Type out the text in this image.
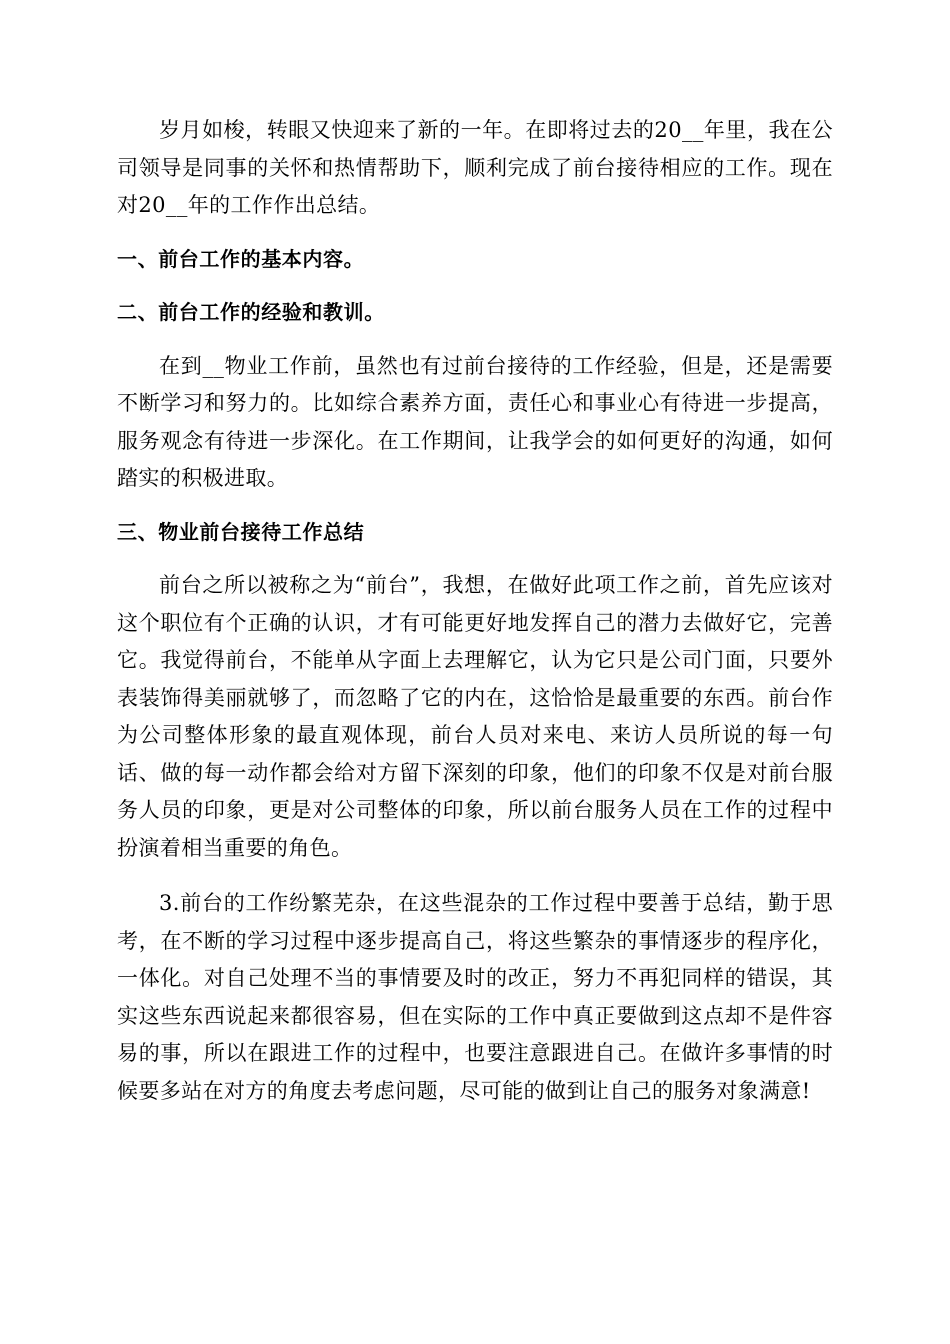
岁月如梭，转眼又快迎来了新的一年。在即将过去的20__年里，我在公司领导是同事的关怀和热情帮助下，顺利完成了前台接待相应的工作。现在对20__年的工作作出总结。

一、前台工作的基本内容。

二、前台工作的经验和教训。

在到__物业工作前，虽然也有过前台接待的工作经验，但是，还是需要不断学习和努力的。比如综合素养方面，责任心和事业心有待进一步提高，服务观念有待进一步深化。在工作期间，让我学会的如何更好的沟通，如何踏实的积极进取。

三、物业前台接待工作总结

前台之所以被称之为“前台”，我想，在做好此项工作之前，首先应该对这个职位有个正确的认识，才有可能更好地发挥自己的潜力去做好它，完善它。我觉得前台，不能单从字面上去理解它，认为它只是公司门面，只要外表装饰得美丽就够了，而忽略了它的内在，这恰恰是最重要的东西。前台作为公司整体形象的最直观体现，前台人员对来电、来访人员所说的每一句话、做的每一动作都会给对方留下深刻的印象，他们的印象不仅是对前台服务人员的印象，更是对公司整体的印象，所以前台服务人员在工作的过程中扮演着相当重要的角色。

3.前台的工作纷繁芜杂，在这些混杂的工作过程中要善于总结，勤于思考，在不断的学习过程中逐步提高自己，将这些繁杂的事情逐步的程序化，一体化。对自己处理不当的事情要及时的改正，努力不再犯同样的错误，其实这些东西说起来都很容易，但在实际的工作中真正要做到这点却不是件容易的事，所以在跟进工作的过程中，也要注意跟进自己。在做许多事情的时候要多站在对方的角度去考虑问题，尽可能的做到让自己的服务对象满意!
